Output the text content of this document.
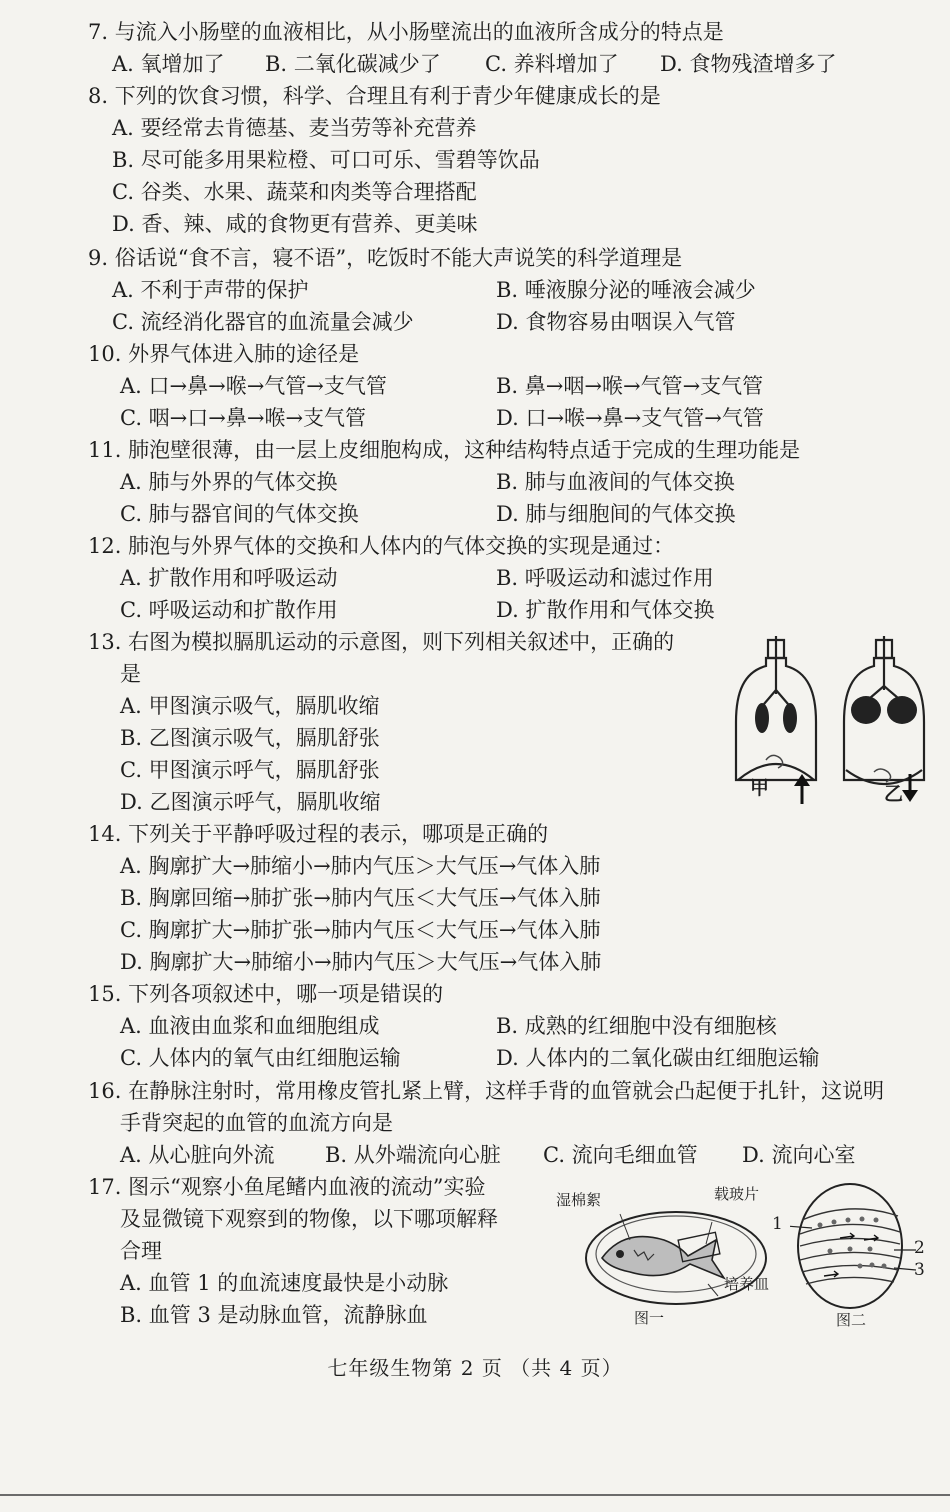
7. 与流入小肠壁的血液相比，从小肠壁流出的血液所含成分的特点是
A. 氧增加了 B. 二氧化碳减少了 C. 养料增加了 D. 食物残渣增多了
8. 下列的饮食习惯，科学、合理且有利于青少年健康成长的是
A. 要经常去肯德基、麦当劳等补充营养
B. 尽可能多用果粒橙、可口可乐、雪碧等饮品
C. 谷类、水果、蔬菜和肉类等合理搭配
D. 香、辣、咸的食物更有营养、更美味
9. 俗话说“食不言，寝不语”，吃饭时不能大声说笑的科学道理是
A. 不利于声带的保护	B. 唾液腺分泌的唾液会减少
C. 流经消化器官的血流量会减少	D. 食物容易由咽误入气管
10. 外界气体进入肺的途径是
A. 口→鼻→喉→气管→支气管	B. 鼻→咽→喉→气管→支气管
C. 咽→口→鼻→喉→支气管	D. 口→喉→鼻→支气管→气管
11. 肺泡壁很薄，由一层上皮细胞构成，这种结构特点适于完成的生理功能是
A. 肺与外界的气体交换	B. 肺与血液间的气体交换
C. 肺与器官间的气体交换	D. 肺与细胞间的气体交换
12. 肺泡与外界气体的交换和人体内的气体交换的实现是通过：
A. 扩散作用和呼吸运动	B. 呼吸运动和滤过作用
C. 呼吸运动和扩散作用	D. 扩散作用和气体交换
13. 右图为模拟膈肌运动的示意图，则下列相关叙述中，正确的
是
A. 甲图演示吸气，膈肌收缩
B. 乙图演示吸气，膈肌舒张
C. 甲图演示呼气，膈肌舒张
D. 乙图演示呼气，膈肌收缩
甲	乙
14. 下列关于平静呼吸过程的表示，哪项是正确的
A. 胸廓扩大→肺缩小→肺内气压＞大气压→气体入肺
B. 胸廓回缩→肺扩张→肺内气压＜大气压→气体入肺
C. 胸廓扩大→肺扩张→肺内气压＜大气压→气体入肺
D. 胸廓扩大→肺缩小→肺内气压＞大气压→气体入肺
15. 下列各项叙述中，哪一项是错误的
A. 血液由血浆和血细胞组成	B. 成熟的红细胞中没有细胞核
C. 人体内的氧气由红细胞运输	D. 人体内的二氧化碳由红细胞运输
16. 在静脉注射时，常用橡皮管扎紧上臂，这样手背的血管就会凸起便于扎针，这说明
手背突起的血管的血流方向是
A. 从心脏向外流 B. 从外端流向心脏 C. 流向毛细血管 D. 流向心室
17. 图示“观察小鱼尾鳍内血液的流动”实验
及显微镜下观察到的物像，以下哪项解释
合理
A. 血管 1 的血流速度最快是小动脉
B. 血管 3 是动脉血管，流静脉血
湿棉絮	载玻片
培养皿
图一
1
2
3
图二
七年级生物第 2 页 （共 4 页）
